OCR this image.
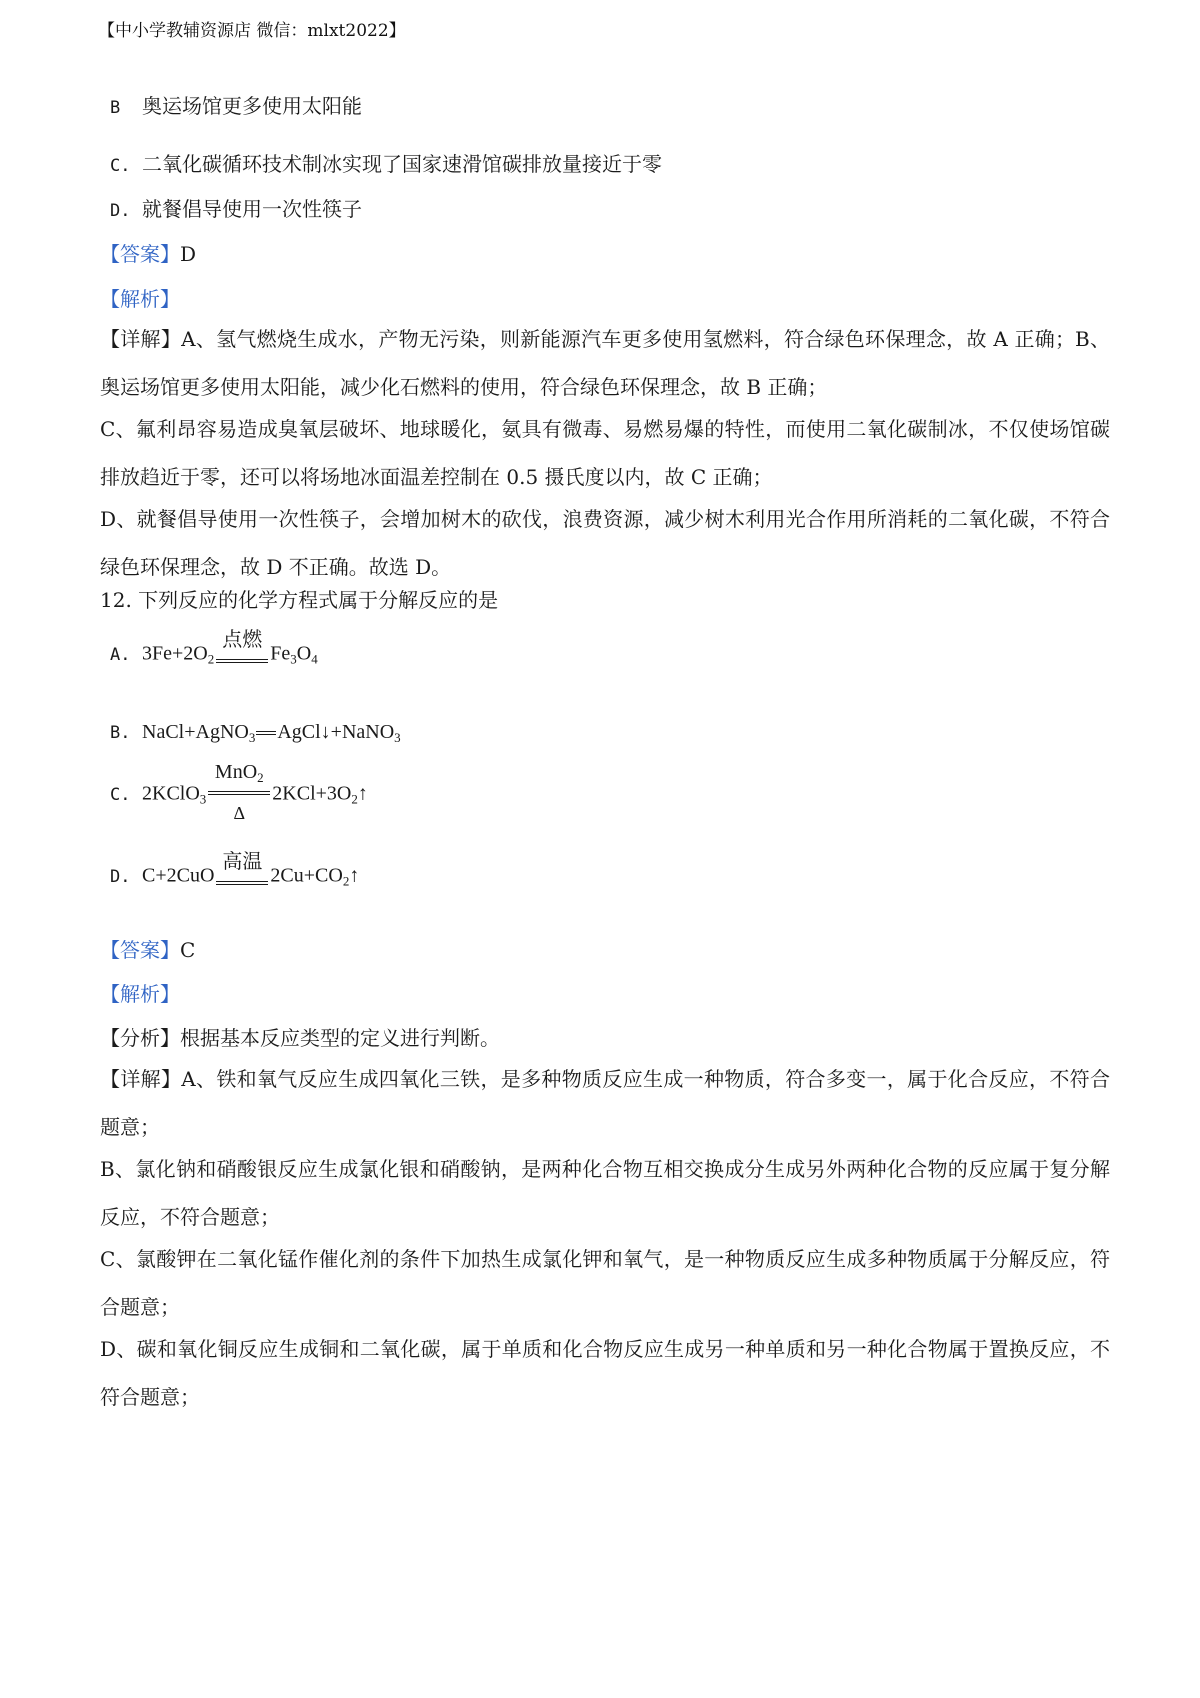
【中小学教辅资源店 微信：mlxt2022】
B 奥运场馆更多使用太阳能
C. 二氧化碳循环技术制冰实现了国家速滑馆碳排放量接近于零
D. 就餐倡导使用一次性筷子
【答案】D
【解析】
【详解】A、氢气燃烧生成水，产物无污染，则新能源汽车更多使用氢燃料，符合绿色环保理念，故 A 正确；B、奥运场馆更多使用太阳能，减少化石燃料的使用，符合绿色环保理念，故 B 正确；
C、氟利昂容易造成臭氧层破坏、地球暖化，氨具有微毒、易燃易爆的特性，而使用二氧化碳制冰，不仅使场馆碳排放趋近于零，还可以将场地冰面温差控制在 0.5 摄氏度以内，故 C 正确；
D、就餐倡导使用一次性筷子，会增加树木的砍伐，浪费资源，减少树木利用光合作用所消耗的二氧化碳，不符合绿色环保理念，故 D 不正确。故选 D。
12. 下列反应的化学方程式属于分解反应的是
A. $3Fe+2O_2$
点燃
$Fe_3O_4$
B. NaCl+AgNO$_3$ AgCl↓+NaNO$_3$
C. 2KClO$_3$
MnO$_2$
Δ
$2KCl+3O_2↑$
D. C+2CuO
高温
$2Cu+CO_2↑$
【答案】C
【解析】
【分析】根据基本反应类型的定义进行判断。
【详解】A、铁和氧气反应生成四氧化三铁，是多种物质反应生成一种物质，符合多变一，属于化合反应，不符合题意；
B、氯化钠和硝酸银反应生成氯化银和硝酸钠，是两种化合物互相交换成分生成另外两种化合物的反应属于复分解反应，不符合题意；
C、氯酸钾在二氧化锰作催化剂的条件下加热生成氯化钾和氧气，是一种物质反应生成多种物质属于分解反应，符合题意；
D、碳和氧化铜反应生成铜和二氧化碳，属于单质和化合物反应生成另一种单质和另一种化合物属于置换反应，不符合题意；
